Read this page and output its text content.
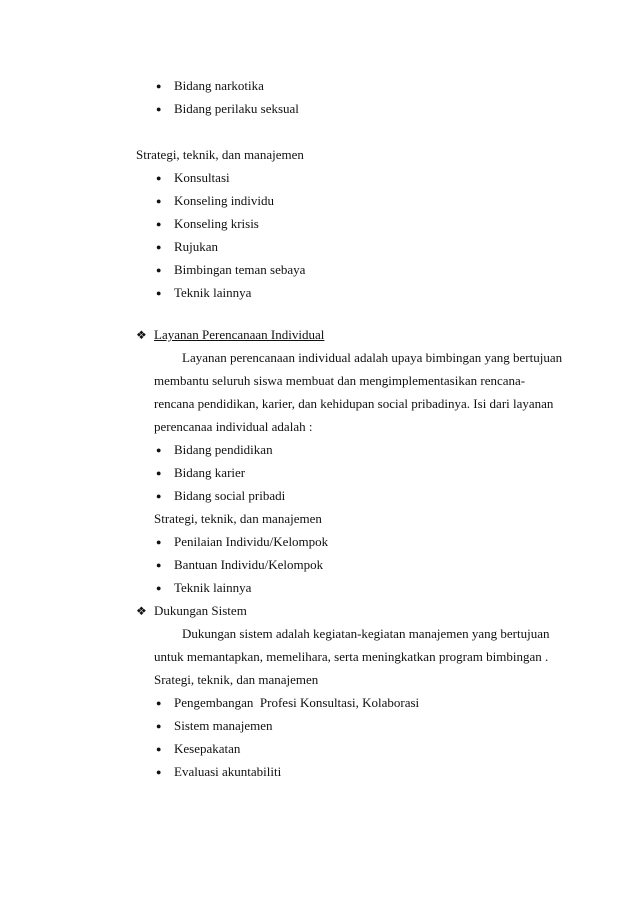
● Bidang narkotika
● Bidang perilaku seksual
Strategi, teknik, dan manajemen
● Konsultasi
● Konseling individu
● Konseling krisis
● Rujukan
● Bimbingan teman sebaya
● Teknik lainnya
❖ Layanan Perencanaan Individual
Layanan perencanaan individual adalah upaya bimbingan yang bertujuan
membantu seluruh siswa membuat dan mengimplementasikan rencana-
rencana pendidikan, karier, dan kehidupan social pribadinya. Isi dari layanan
perencanaa individual adalah :
● Bidang pendidikan
● Bidang karier
● Bidang social pribadi
Strategi, teknik, dan manajemen
● Penilaian Individu/Kelompok
● Bantuan Individu/Kelompok
● Teknik lainnya
❖ Dukungan Sistem
Dukungan sistem adalah kegiatan-kegiatan manajemen yang bertujuan
untuk memantapkan, memelihara, serta meningkatkan program bimbingan .
Srategi, teknik, dan manajemen
● Pengembangan  Profesi Konsultasi, Kolaborasi
● Sistem manajemen
● Kesepakatan
● Evaluasi akuntabiliti
